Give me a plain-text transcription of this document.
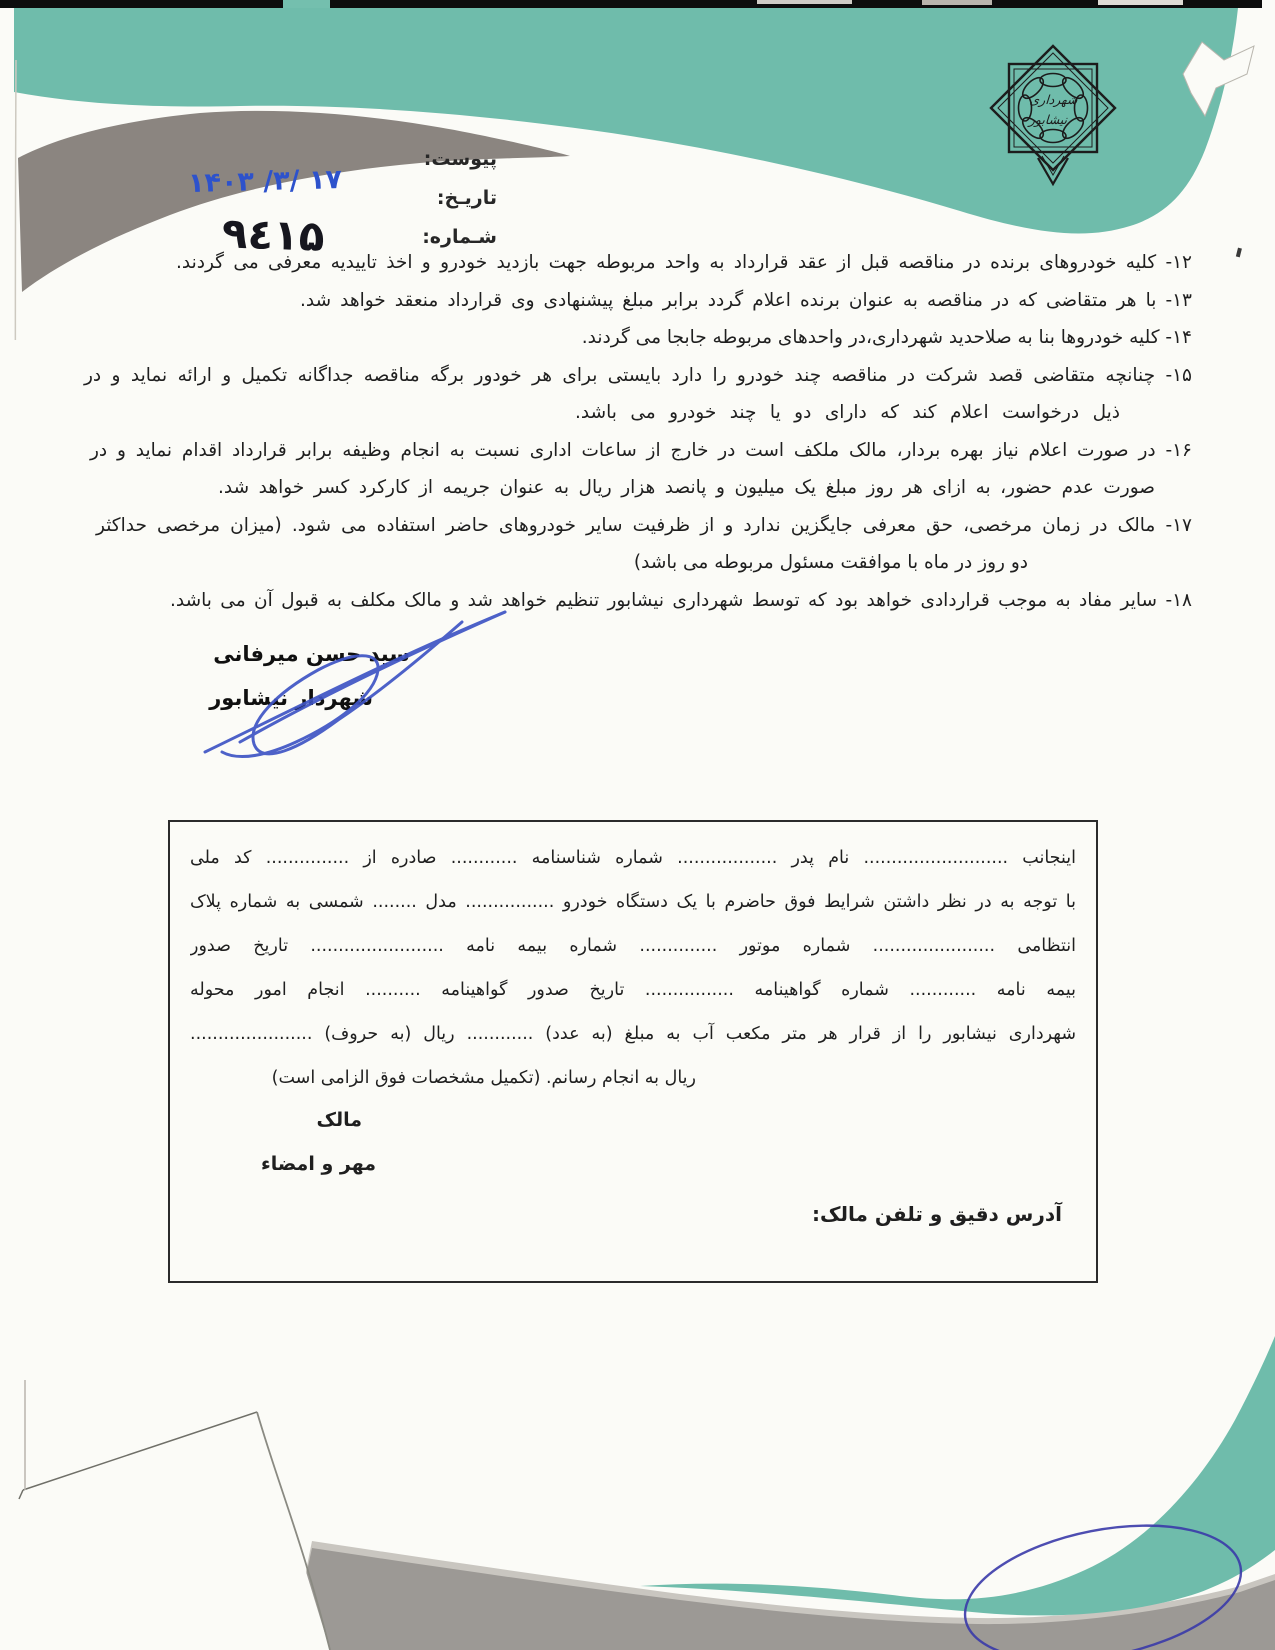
شهرداری
نیشابور
پیوست:
تاریـخ:
شـماره:
۱۴۰۳ /۳/ ۱۷
۹٤۱۵
۱۲- کلیه خودروهای برنده در مناقصه قبل از عقد قرارداد به واحد مربوطه جهت بازدید خودرو و اخذ تاییدیه معرفی می گردند.
۱۳- با هر متقاضی که در مناقصه به عنوان برنده اعلام گردد برابر مبلغ پیشنهادی وی قرارداد منعقد خواهد شد.
۱۴- کلیه خودروها بنا به صلاحدید شهرداری،در واحدهای مربوطه جابجا می گردند.
۱۵- چنانچه متقاضی قصد شرکت در مناقصه چند خودرو را دارد بایستی برای هر خودور برگه مناقصه جداگانه تکمیل و ارائه نماید و در
ذیل درخواست اعلام کند که دارای دو یا چند خودرو می باشد.
۱۶- در صورت اعلام نیاز بهره بردار، مالک ملکف است در خارج از ساعات اداری نسبت به انجام وظیفه برابر قرارداد اقدام نماید و در
صورت عدم حضور، به ازای هر روز مبلغ یک میلیون و پانصد هزار ریال به عنوان جریمه از کارکرد کسر خواهد شد.
۱۷- مالک در زمان مرخصی، حق معرفی جایگزین ندارد و از ظرفیت سایر خودروهای حاضر استفاده می شود. (میزان مرخصی حداکثر
دو روز در ماه با موافقت مسئول مربوطه می باشد)
۱۸- سایر مفاد به موجب قراردادی خواهد بود که توسط شهرداری نیشابور تنظیم خواهد شد و مالک مکلف به قبول آن می باشد.
سید حسن میرفانی
شهردار نیشابور
اینجانب .......................... نام پدر .................. شماره شناسنامه ............ صادره از ............... کد ملی
با توجه به در نظر داشتن شرایط فوق حاضرم با یک دستگاه خودرو ................ مدل ........ شمسی به شماره پلاک
انتظامی ...................... شماره موتور .............. شماره بیمه نامه ........................ تاریخ صدور
بیمه نامه ............ شماره گواهینامه ................ تاریخ صدور گواهینامه .......... انجام امور محوله
شهرداری نیشابور را از قرار هر متر مکعب آب به مبلغ (به عدد) ............ ریال (به حروف) ......................
ریال به انجام رسانم. (تکمیل مشخصات فوق الزامی است)
مالک
مهر و امضاء
آدرس دقیق و تلفن مالک:
